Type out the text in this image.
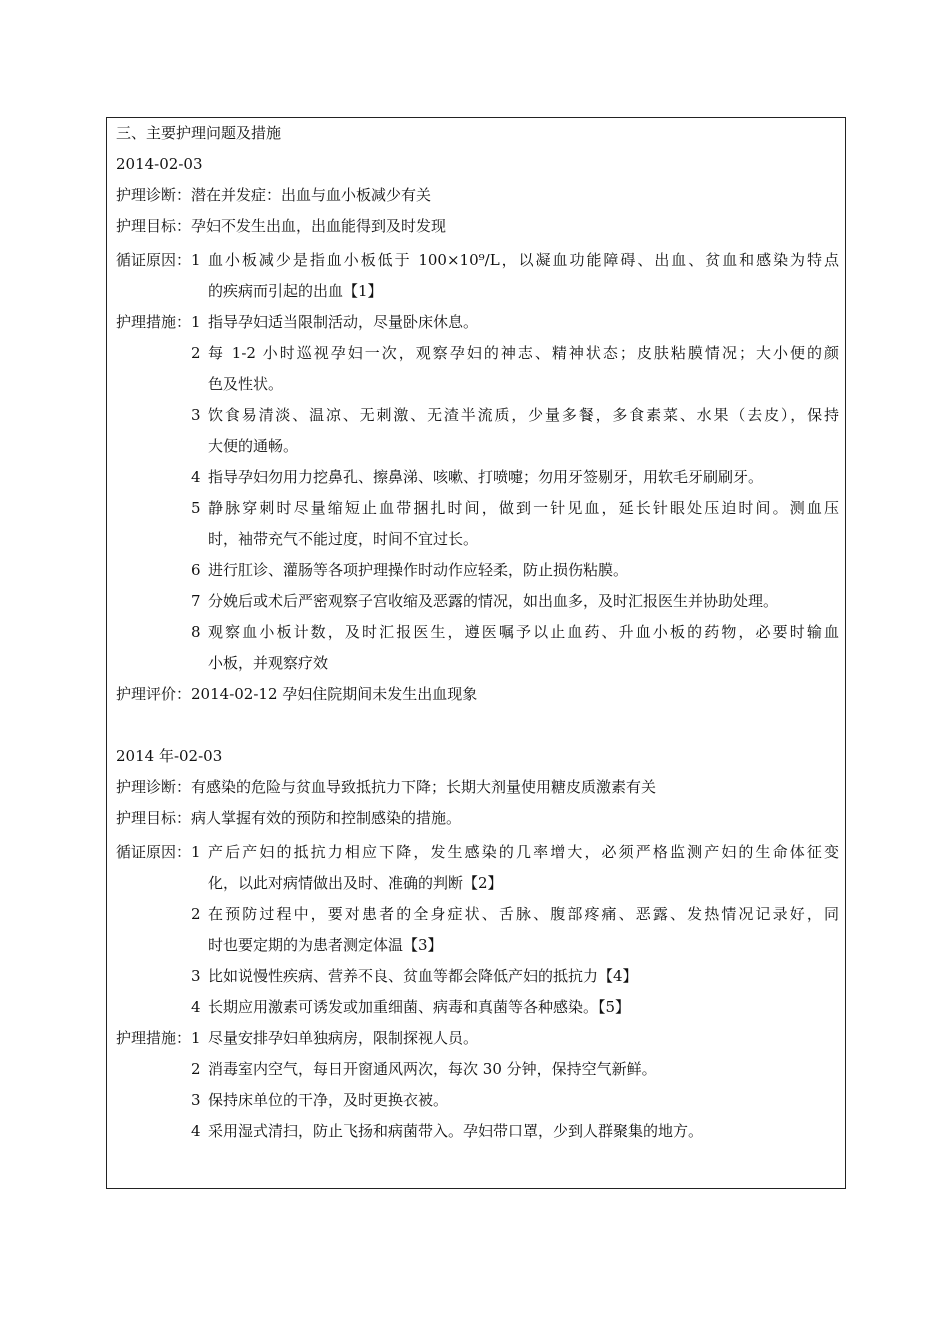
三、主要护理问题及措施
2014-02-03
护理诊断：潜在并发症：出血与血小板减少有关
护理目标：孕妇不发生出血，出血能得到及时发现
循证原因： 1 血小板减少是指血小板低于 100×10⁹/L，以凝血功能障碍、出血、贫血和感染为特点
的疾病而引起的出血【1】
护理措施： 1 指导孕妇适当限制活动，尽量卧床休息。
2 每 1-2 小时巡视孕妇一次，观察孕妇的神志、精神状态；皮肤粘膜情况；大小便的颜
色及性状。
3 饮食易清淡、温凉、无刺激、无渣半流质，少量多餐，多食素菜、水果（去皮），保持
大便的通畅。
4 指导孕妇勿用力挖鼻孔、擦鼻涕、咳嗽、打喷嚏；勿用牙签剔牙，用软毛牙刷刷牙。
5 静脉穿刺时尽量缩短止血带捆扎时间，做到一针见血，延长针眼处压迫时间。测血压
时，袖带充气不能过度，时间不宜过长。
6 进行肛诊、灌肠等各项护理操作时动作应轻柔，防止损伤粘膜。
7 分娩后或术后严密观察子宫收缩及恶露的情况，如出血多，及时汇报医生并协助处理。
8 观察血小板计数，及时汇报医生，遵医嘱予以止血药、升血小板的药物，必要时输血
小板，并观察疗效
护理评价：2014-02-12 孕妇住院期间未发生出血现象
2014 年-02-03
护理诊断：有感染的危险与贫血导致抵抗力下降；长期大剂量使用糖皮质激素有关
护理目标：病人掌握有效的预防和控制感染的措施。
循证原因： 1 产后产妇的抵抗力相应下降，发生感染的几率增大，必须严格监测产妇的生命体征变
化，以此对病情做出及时、准确的判断【2】
2 在预防过程中，要对患者的全身症状、舌脉、腹部疼痛、恶露、发热情况记录好，同
时也要定期的为患者测定体温【3】
3 比如说慢性疾病、营养不良、贫血等都会降低产妇的抵抗力【4】
4 长期应用激素可诱发或加重细菌、病毒和真菌等各种感染。【5】
护理措施： 1 尽量安排孕妇单独病房，限制探视人员。
2 消毒室内空气，每日开窗通风两次，每次 30 分钟，保持空气新鲜。
3 保持床单位的干净，及时更换衣被。
4 采用湿式清扫，防止飞扬和病菌带入。孕妇带口罩，少到人群聚集的地方。
